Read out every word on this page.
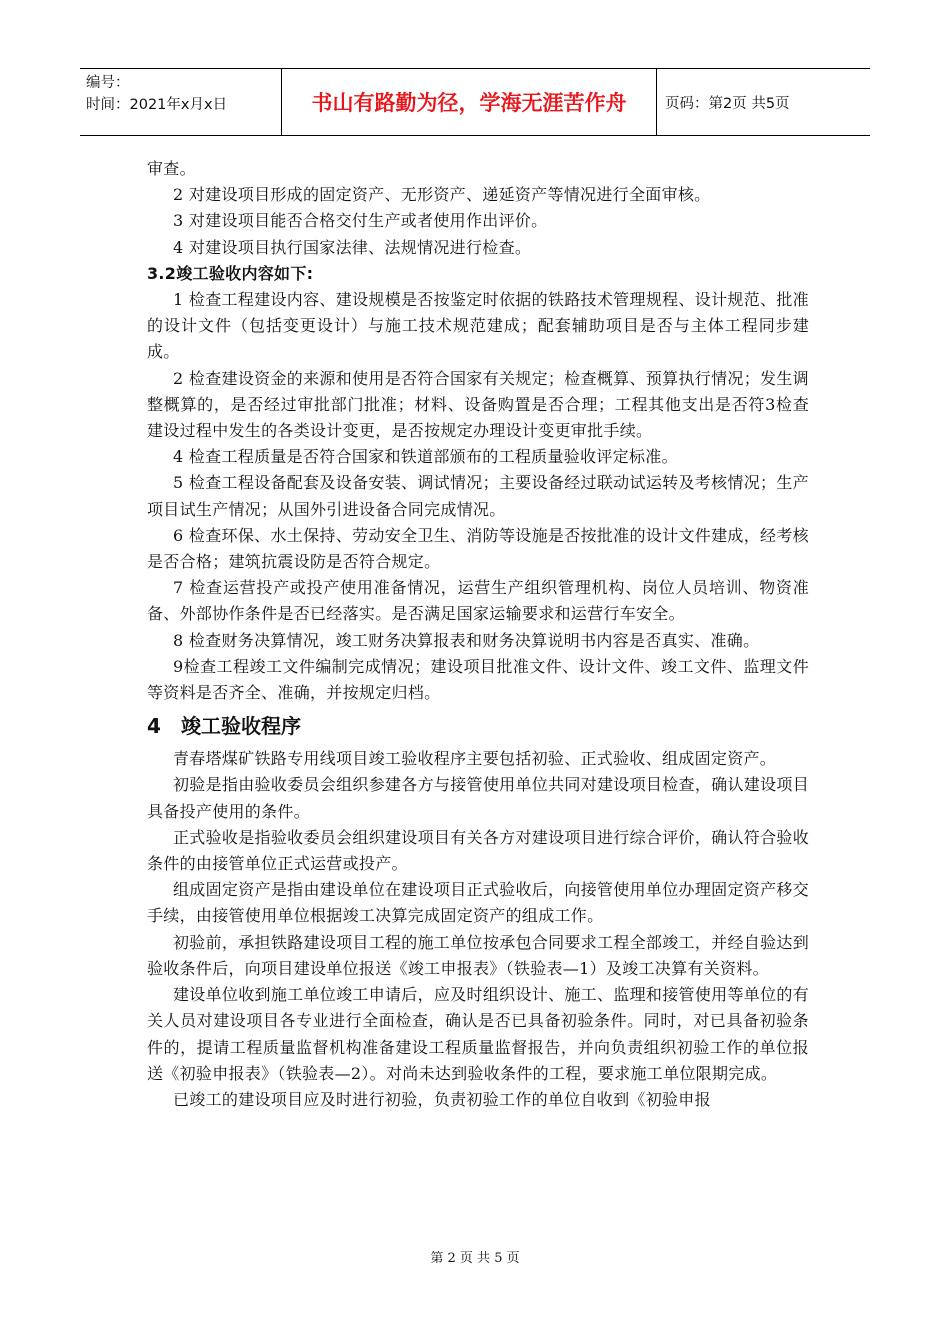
编号：
时间：2021年x月x日	书山有路勤为径，学海无涯苦作舟	页码：第2页 共5页

审查。

2 对建设项目形成的固定资产、无形资产、递延资产等情况进行全面审核。

3 对建设项目能否合格交付生产或者使用作出评价。

4 对建设项目执行国家法律、法规情况进行检查。

3.2竣工验收内容如下:

1 检查工程建设内容、建设规模是否按鉴定时依据的铁路技术管理规程、设计规范、批准的设计文件（包括变更设计）与施工技术规范建成；配套辅助项目是否与主体工程同步建成。

2 检查建设资金的来源和使用是否符合国家有关规定；检查概算、预算执行情况；发生调整概算的，是否经过审批部门批准；材料、设备购置是否合理；工程其他支出是否符3检查建设过程中发生的各类设计变更，是否按规定办理设计变更审批手续。

4 检查工程质量是否符合国家和铁道部颁布的工程质量验收评定标准。

5 检查工程设备配套及设备安装、调试情况；主要设备经过联动试运转及考核情况；生产项目试生产情况；从国外引进设备合同完成情况。

6 检查环保、水土保持、劳动安全卫生、消防等设施是否按批准的设计文件建成，经考核是否合格；建筑抗震设防是否符合规定。

7 检查运营投产或投产使用准备情况，运营生产组织管理机构、岗位人员培训、物资准备、外部协作条件是否已经落实。是否满足国家运输要求和运营行车安全。

8 检查财务决算情况，竣工财务决算报表和财务决算说明书内容是否真实、准确。

9检查工程竣工文件编制完成情况；建设项目批准文件、设计文件、竣工文件、监理文件等资料是否齐全、准确，并按规定归档。

4 竣工验收程序

青春塔煤矿铁路专用线项目竣工验收程序主要包括初验、正式验收、组成固定资产。

初验是指由验收委员会组织参建各方与接管使用单位共同对建设项目检查，确认建设项目具备投产使用的条件。

正式验收是指验收委员会组织建设项目有关各方对建设项目进行综合评价，确认符合验收条件的由接管单位正式运营或投产。

组成固定资产是指由建设单位在建设项目正式验收后，向接管使用单位办理固定资产移交手续，由接管使用单位根据竣工决算完成固定资产的组成工作。

初验前，承担铁路建设项目工程的施工单位按承包合同要求工程全部竣工，并经自验达到验收条件后，向项目建设单位报送《竣工申报表》（铁验表—1）及竣工决算有关资料。

建设单位收到施工单位竣工申请后，应及时组织设计、施工、监理和接管使用等单位的有关人员对建设项目各专业进行全面检查，确认是否已具备初验条件。同时，对已具备初验条件的，提请工程质量监督机构准备建设工程质量监督报告，并向负责组织初验工作的单位报送《初验申报表》（铁验表—2）。对尚未达到验收条件的工程，要求施工单位限期完成。

已竣工的建设项目应及时进行初验，负责初验工作的单位自收到《初验申报

第 2 页 共 5 页
